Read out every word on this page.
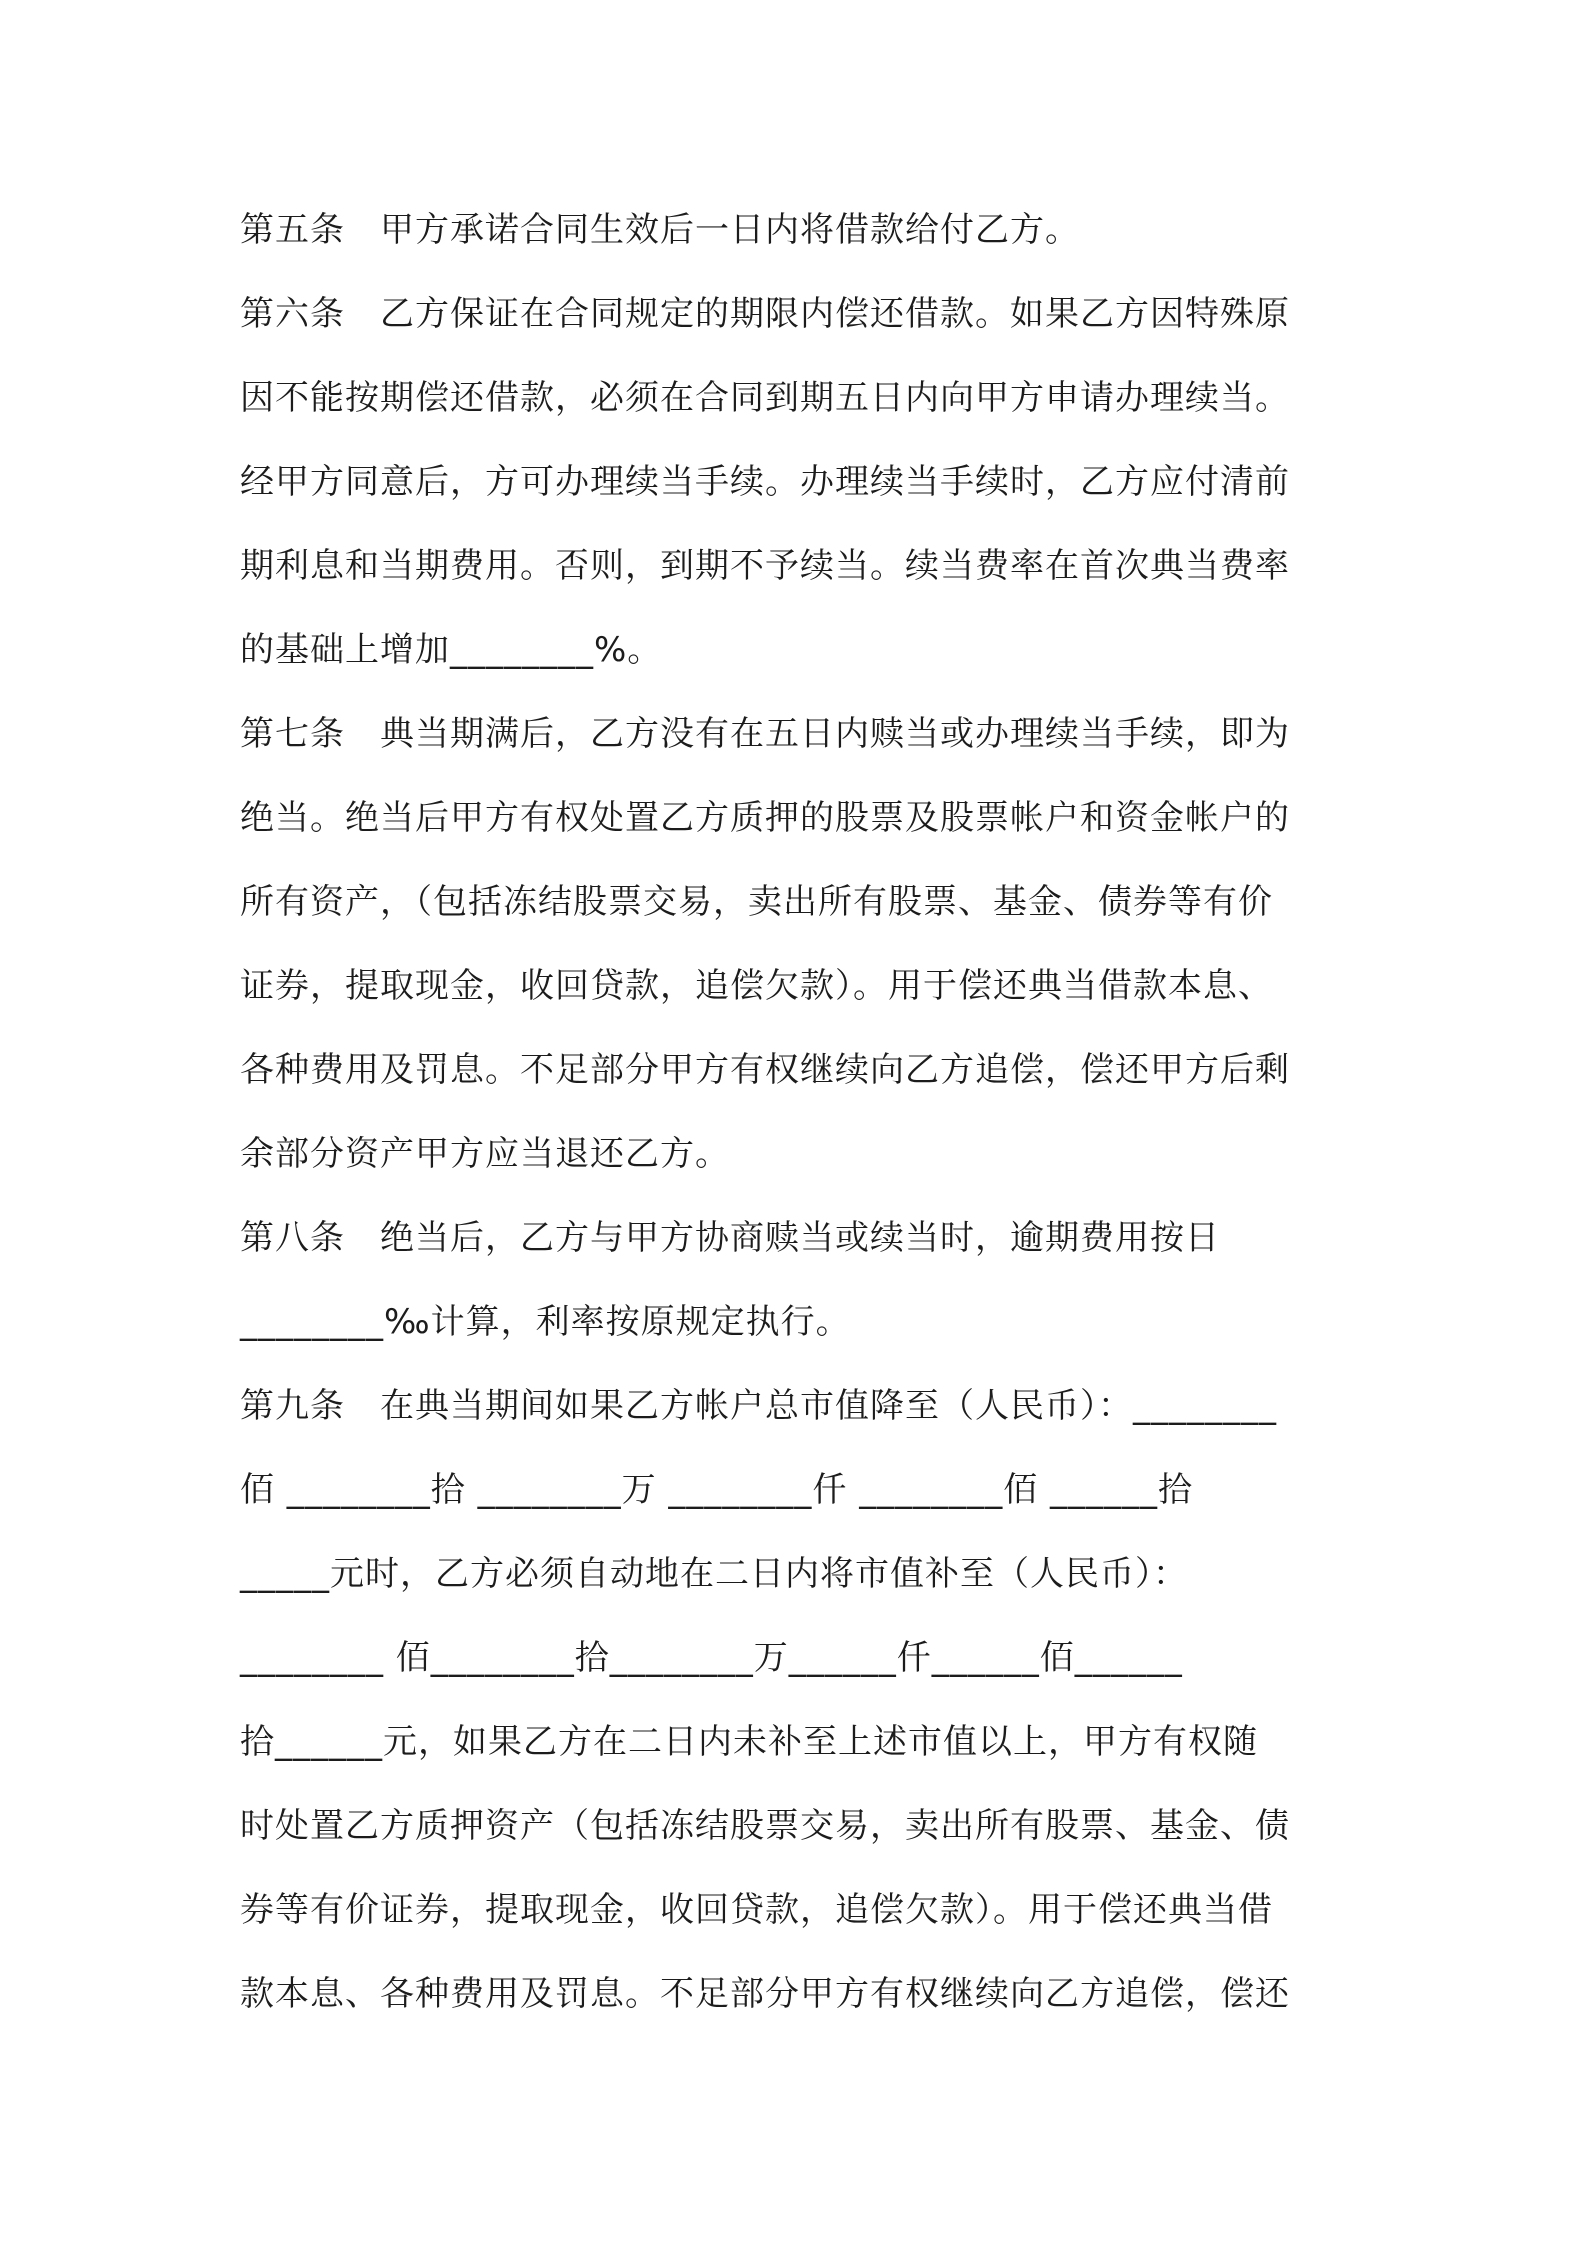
第五条　甲方承诺合同生效后一日内将借款给付乙方。
第六条　乙方保证在合同规定的期限内偿还借款。如果乙方因特殊原
因不能按期偿还借款，必须在合同到期五日内向甲方申请办理续当。
经甲方同意后，方可办理续当手续。办理续当手续时，乙方应付清前
期利息和当期费用。否则，到期不予续当。续当费率在首次典当费率
的基础上增加________%。
第七条　典当期满后，乙方没有在五日内赎当或办理续当手续，即为
绝当。绝当后甲方有权处置乙方质押的股票及股票帐户和资金帐户的
所有资产，（包括冻结股票交易，卖出所有股票、基金、债券等有价
证券，提取现金，收回贷款，追偿欠款）。用于偿还典当借款本息、
各种费用及罚息。不足部分甲方有权继续向乙方追偿，偿还甲方后剩
余部分资产甲方应当退还乙方。
第八条　绝当后，乙方与甲方协商赎当或续当时，逾期费用按日
________‰计算，利率按原规定执行。
第九条　在典当期间如果乙方帐户总市值降至（人民币）：________
佰 ________拾 ________万 ________仟 ________佰 ______拾
_____元时，乙方必须自动地在二日内将市值补至（人民币）：
________ 佰________拾________万______仟______佰______
拾______元，如果乙方在二日内未补至上述市值以上，甲方有权随
时处置乙方质押资产（包括冻结股票交易，卖出所有股票、基金、债
券等有价证券，提取现金，收回贷款，追偿欠款）。用于偿还典当借
款本息、各种费用及罚息。不足部分甲方有权继续向乙方追偿，偿还
